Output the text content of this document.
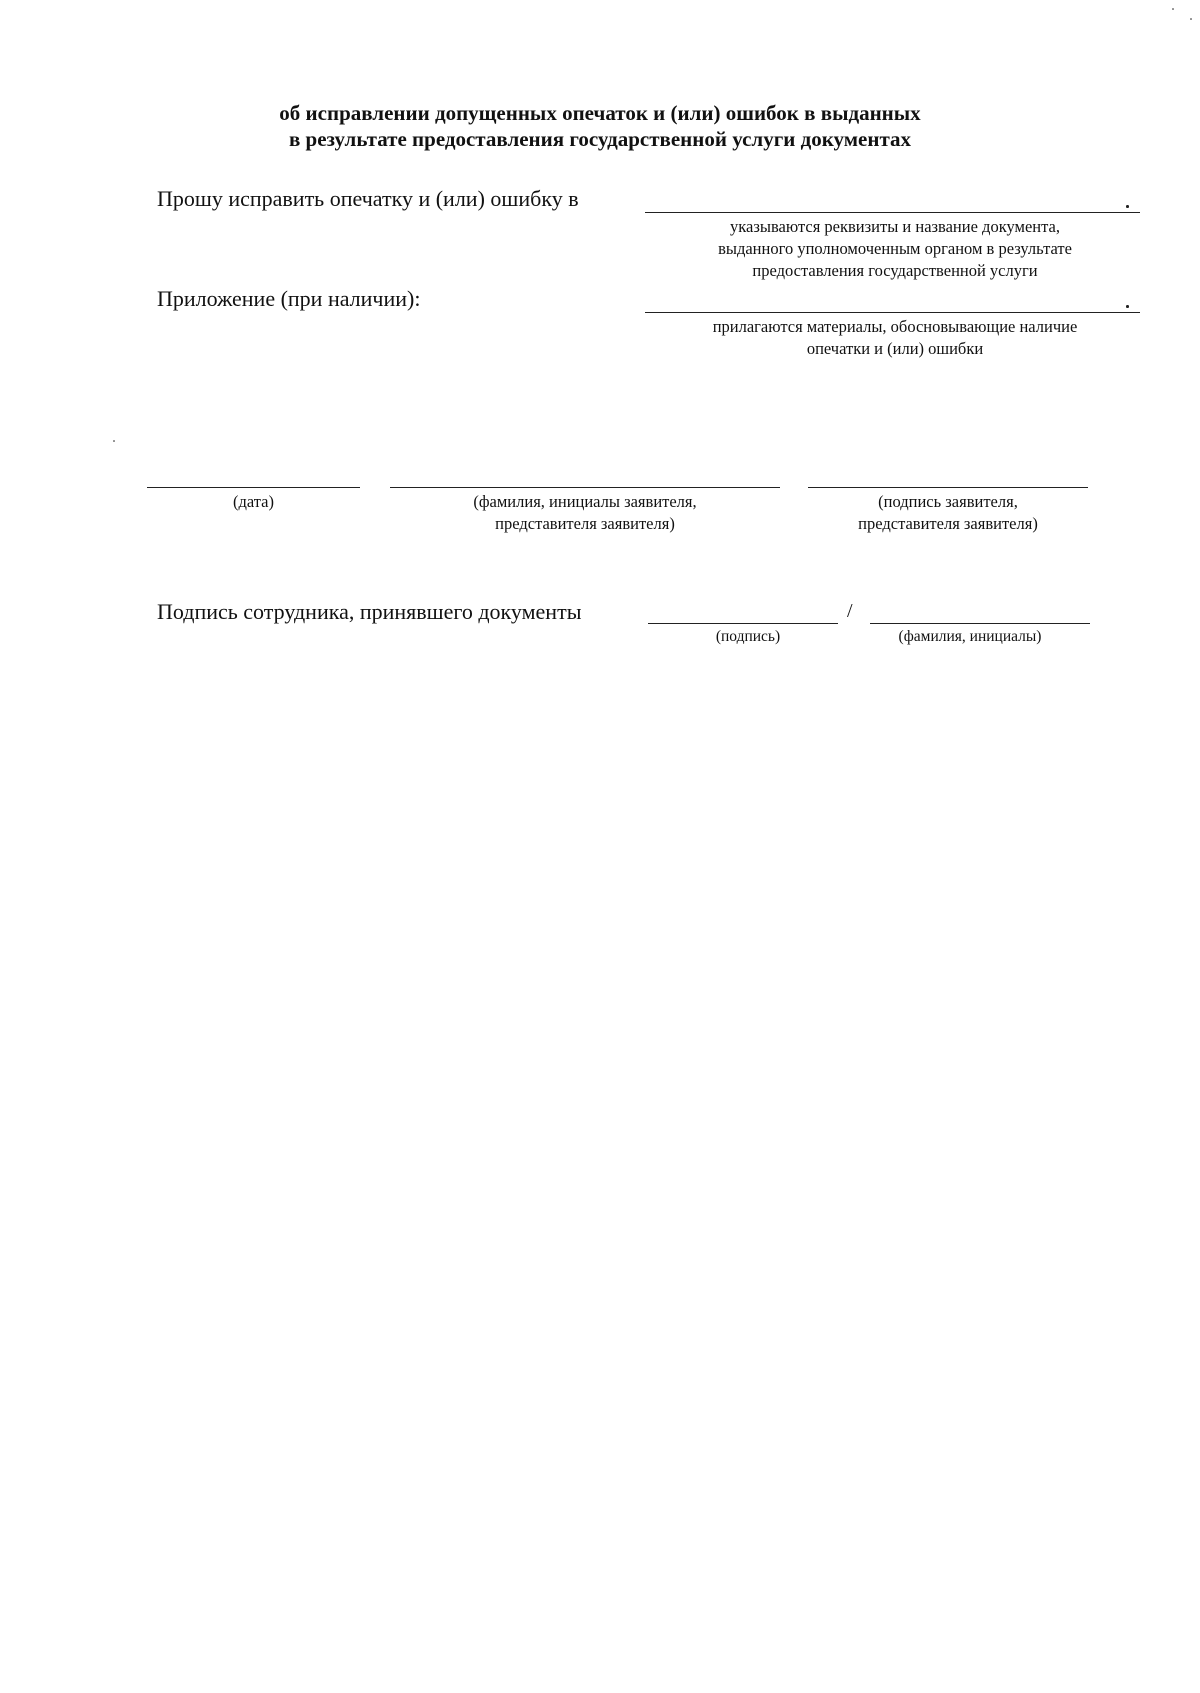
об исправлении допущенных опечаток и (или) ошибок в выданных
в результате предоставления государственной услуги документах
Прошу исправить опечатку и (или) ошибку в
указываются реквизиты и название документа,
выданного уполномоченным органом в результате
предоставления государственной услуги
Приложение (при наличии):
прилагаются материалы, обосновывающие наличие
опечатки и (или) ошибки
(дата)	(фамилия, инициалы заявителя,
представителя заявителя)
(подпись заявителя,
представителя заявителя)
Подпись сотрудника, принявшего документы	/
(подпись)	(фамилия, инициалы)
